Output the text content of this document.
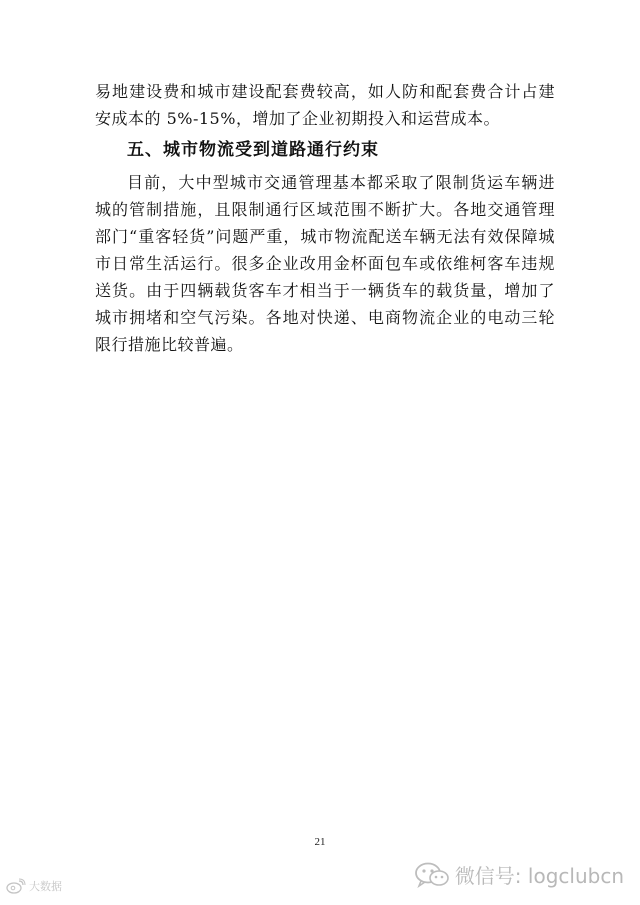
易地建设费和城市建设配套费较高，如人防和配套费合计占建安成本的 5%-15%，增加了企业初期投入和运营成本。

五、城市物流受到道路通行约束

目前，大中型城市交通管理基本都采取了限制货运车辆进城的管制措施，且限制通行区域范围不断扩大。各地交通管理部门“重客轻货”问题严重，城市物流配送车辆无法有效保障城市日常生活运行。很多企业改用金杯面包车或依维柯客车违规送货。由于四辆载货客车才相当于一辆货车的载货量，增加了城市拥堵和空气污染。各地对快递、电商物流企业的电动三轮限行措施比较普遍。

21
微信号: logclubcn
大数据
